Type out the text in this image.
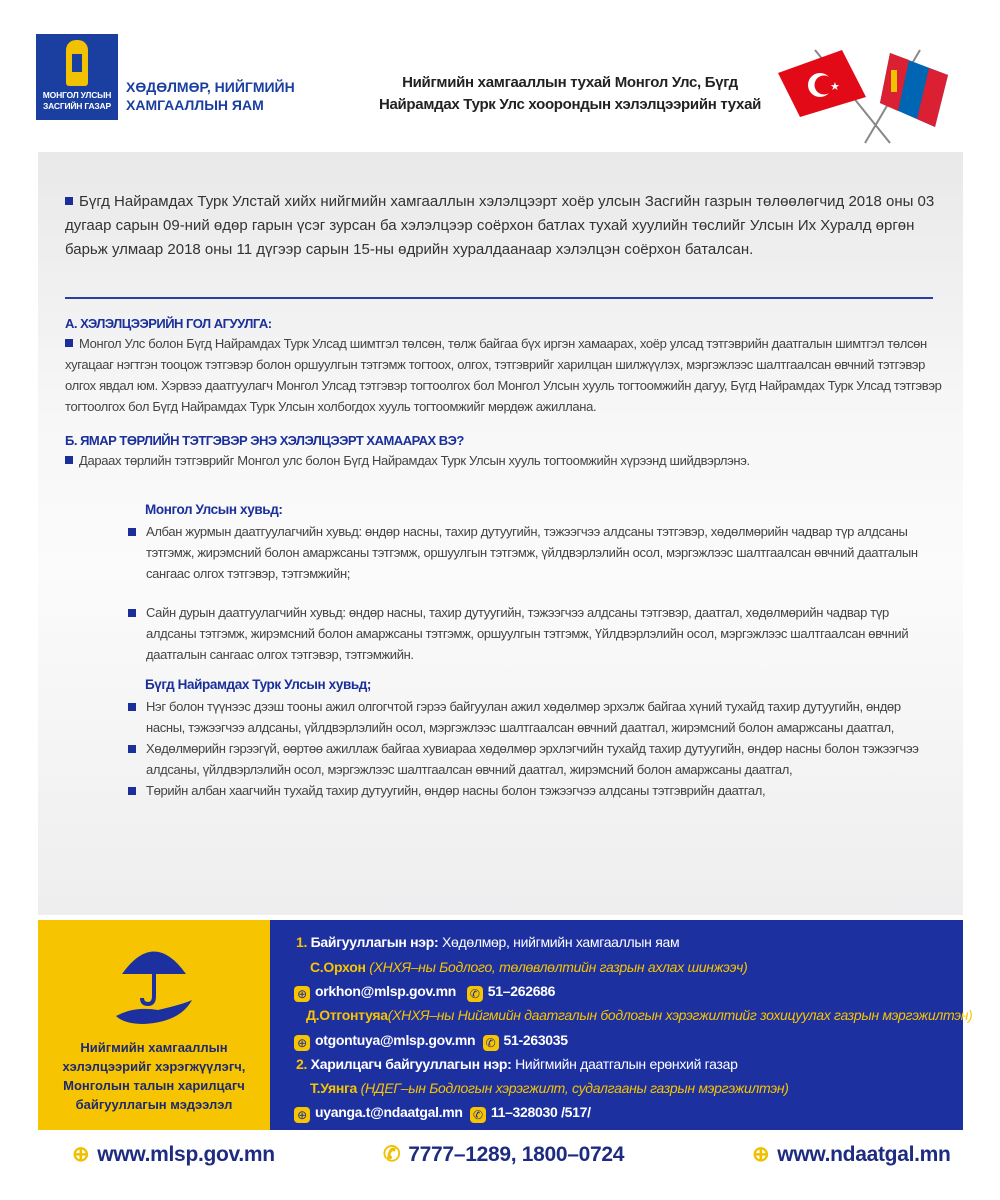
МОНГОЛ УЛСЫН
ЗАСГИЙН ГАЗАР
ХӨДӨЛМӨР, НИЙГМИЙН
ХАМГААЛЛЫН ЯАМ
Нийгмийн хамгааллын тухай Монгол Улс, Бүгд
Найрамдах Турк Улс хоорондын хэлэлцээрийн тухай
★
Бүгд Найрамдах Турк Улстай хийх нийгмийн хамгааллын хэлэлцээрт хоёр улсын Засгийн газрын төлөөлөгчид 2018 оны 03 дугаар сарын 09-ний өдөр гарын үсэг зурсан ба хэлэлцээр соёрхон батлах тухай хуулийн төслийг Улсын Их Хуралд өргөн барьж улмаар 2018 оны 11 дүгээр сарын 15-ны өдрийн хуралдаанаар хэлэлцэн соёрхон баталсан.
А. ХЭЛЭЛЦЭЭРИЙН ГОЛ АГУУЛГА:
Монгол Улс болон Бүгд Найрамдах Турк Улсад шимтгэл төлсөн, төлж байгаа бүх иргэн хамаарах, хоёр улсад тэтгэврийн даатгалын шимтгэл төлсөн хугацааг нэгтгэн тооцож тэтгэвэр болон оршуулгын тэтгэмж тогтоох, олгох, тэтгэврийг харилцан шилжүүлэх, мэргэжлээс шалтгаалсан өвчний тэтгэвэр олгох явдал юм. Хэрвээ даатгуулагч Монгол Улсад тэтгэвэр тогтоолгох бол Монгол Улсын хууль тогтоомжийн дагуу, Бүгд Найрамдах Турк Улсад тэтгэвэр тогтоолгох бол Бүгд Найрамдах Турк Улсын холбогдох хууль тогтоомжийг мөрдөж ажиллана.
Б. ЯМАР ТӨРЛИЙН ТЭТГЭВЭР ЭНЭ ХЭЛЭЛЦЭЭРТ ХАМААРАХ ВЭ?
Дараах төрлийн тэтгэврийг Монгол улс болон Бүгд Найрамдах Турк Улсын хууль тогтоомжийн хүрээнд шийдвэрлэнэ.
Монгол Улсын хувьд:
Албан журмын даатгуулагчийн хувьд: өндөр насны, тахир дутуугийн, тэжээгчээ алдсаны тэтгэвэр, хөдөлмөрийн чадвар түр алдсаны тэтгэмж, жирэмсний болон амаржсаны тэтгэмж, оршуулгын тэтгэмж, үйлдвэрлэлийн осол, мэргэжлээс шалтгаалсан өвчний даатгалын сангаас олгох тэтгэвэр, тэтгэмжийн;
Сайн дурын даатгуулагчийн хувьд: өндөр насны, тахир дутуугийн, тэжээгчээ алдсаны тэтгэвэр, даатгал, хөдөлмөрийн чадвар түр алдсаны тэтгэмж, жирэмсний болон амаржсаны тэтгэмж, оршуулгын тэтгэмж, Үйлдвэрлэлийн осол, мэргэжлээс шалтгаалсан өвчний даатгалын сангаас олгох тэтгэвэр, тэтгэмжийн.
Бүгд Найрамдах Турк Улсын хувьд;
Нэг болон түүнээс дээш тооны ажил олгогчтой гэрээ байгуулан ажил хөдөлмөр эрхэлж байгаа хүний тухайд тахир дутуугийн, өндөр насны, тэжээгчээ алдсаны, үйлдвэрлэлийн осол, мэргэжлээс шалтгаалсан өвчний даатгал, жирэмсний болон амаржсаны даатгал,
Хөдөлмөрийн гэрээгүй, өөртөө ажиллаж байгаа хувиараа хөдөлмөр эрхлэгчийн тухайд тахир дутуугийн, өндөр насны болон тэжээгчээ алдсаны, үйлдвэрлэлийн осол, мэргэжлээс шалтгаалсан өвчний даатгал, жирэмсний болон амаржсаны даатгал,
Төрийн албан хаагчийн тухайд тахир дутуугийн, өндөр насны болон тэжээгчээ алдсаны тэтгэврийн даатгал,
Нийгмийн хамгааллын
хэлэлцээрийг хэрэгжүүлэгч,
Монголын талын харилцагч
байгууллагын мэдээлэл
1. Байгууллагын нэр: Хөдөлмөр, нийгмийн хамгааллын яам
С.Орхон (ХНХЯ–ны Бодлого, төлөвлөлтийн газрын ахлах шинжээч)
⊕ orkhon@mlsp.gov.mn ✆ 51–262686
Д.Отгонтуяа(ХНХЯ–ны Нийгмийн даатгалын бодлогын хэрэгжилтийг зохицуулах газрын мэргэжилтэн)
⊕ otgontuya@mlsp.gov.mn ✆ 51-263035
2. Харилцагч байгууллагын нэр: Нийгмийн даатгалын ерөнхий газар
Т.Уянга (НДЕГ–ын Бодлогын хэрэгжилт, судалгааны газрын мэргэжилтэн)
⊕ uyanga.t@ndaatgal.mn ✆ 11–328030 /517/
⊕ www.mlsp.gov.mn	✆ 7777–1289, 1800–0724	⊕ www.ndaatgal.mn
